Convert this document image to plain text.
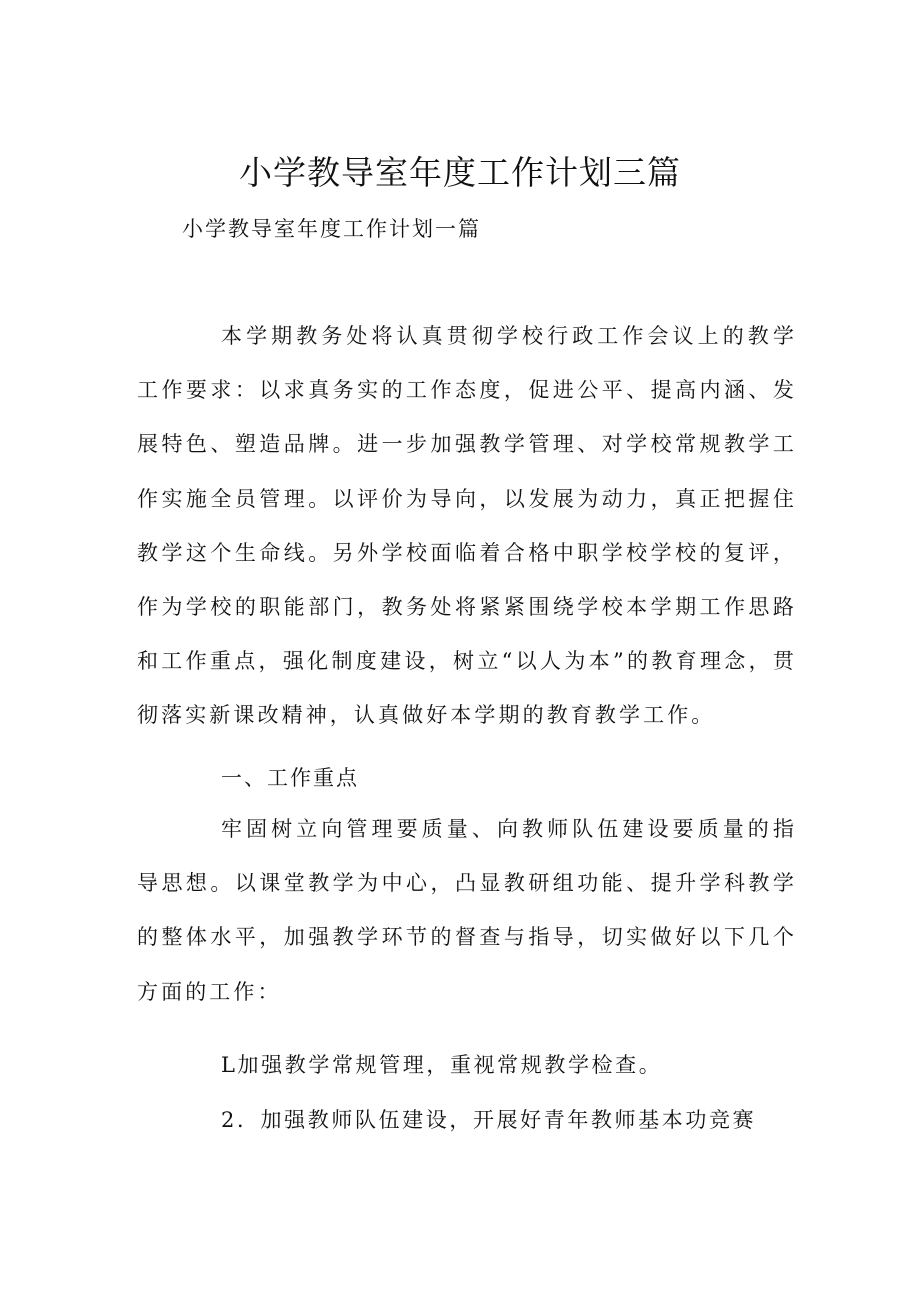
小学教导室年度工作计划三篇
小学教导室年度工作计划一篇

本学期教务处将认真贯彻学校行政工作会议上的教学工作要求：以求真务实的工作态度，促进公平、提高内涵、发展特色、塑造品牌。进一步加强教学管理、对学校常规教学工作实施全员管理。以评价为导向，以发展为动力，真正把握住教学这个生命线。另外学校面临着合格中职学校学校的复评，作为学校的职能部门，教务处将紧紧围绕学校本学期工作思路和工作重点，强化制度建设，树立“以人为本”的教育理念，贯彻落实新课改精神，认真做好本学期的教育教学工作。

一、工作重点

牢固树立向管理要质量、向教师队伍建设要质量的指导思想。以课堂教学为中心，凸显教研组功能、提升学科教学的整体水平，加强教学环节的督查与指导，切实做好以下几个方面的工作：

L加强教学常规管理，重视常规教学检查。

2．加强教师队伍建设，开展好青年教师基本功竞赛
